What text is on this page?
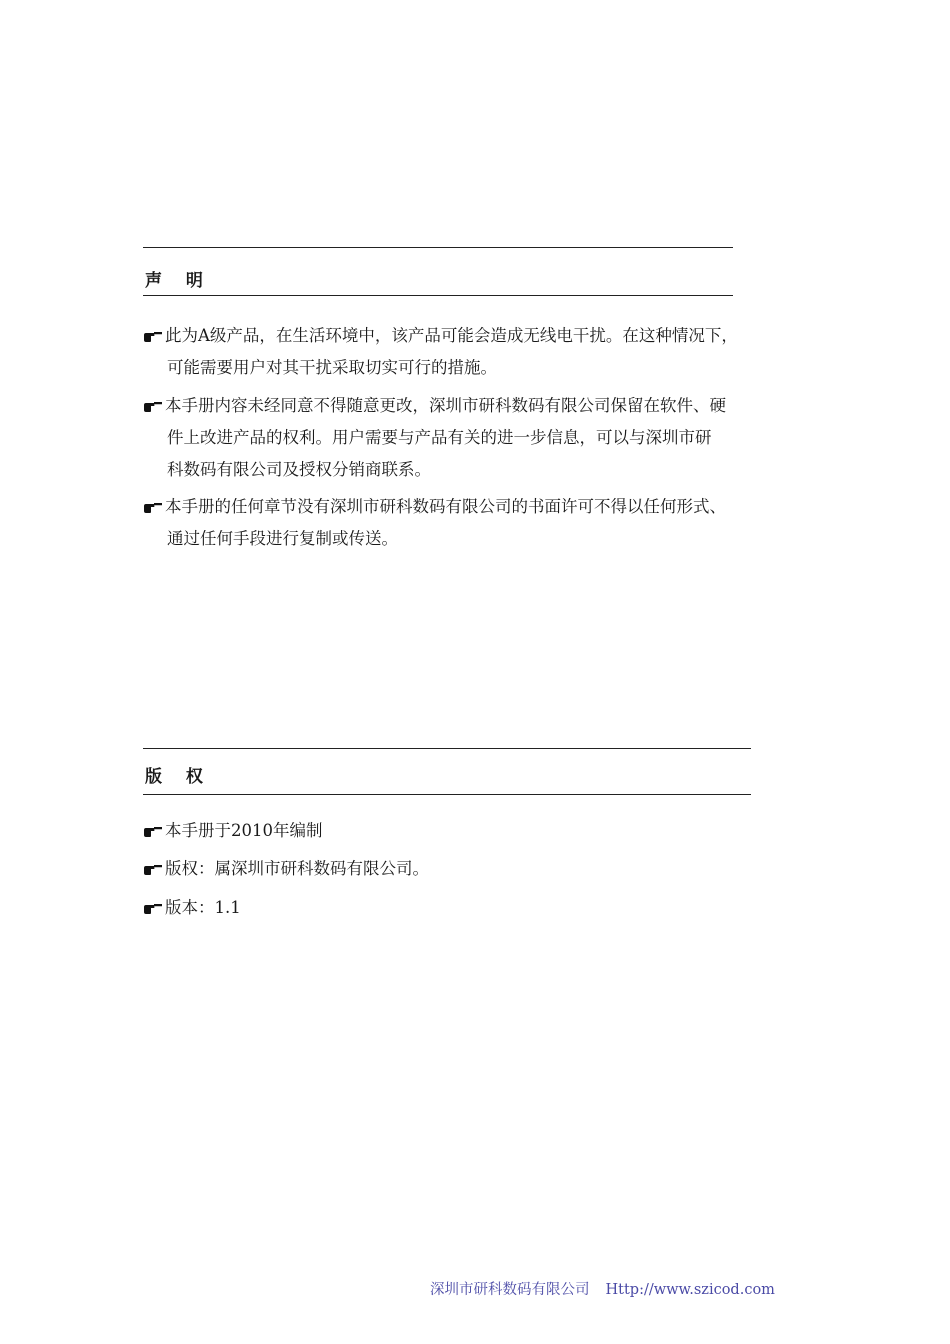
声 明
此为A级产品，在生活环境中，该产品可能会造成无线电干扰。在这种情况下，
可能需要用户对其干扰采取切实可行的措施。
本手册内容未经同意不得随意更改，深圳市研科数码有限公司保留在软件、硬
件上改进产品的权利。用户需要与产品有关的进一步信息，可以与深圳市研
科数码有限公司及授权分销商联系。
本手册的任何章节没有深圳市研科数码有限公司的书面许可不得以任何形式、
通过任何手段进行复制或传送。
版 权
本手册于2010年编制
版权：属深圳市研科数码有限公司。
版本：1.1
深圳市研科数码有限公司 Http://www.szicod.com
